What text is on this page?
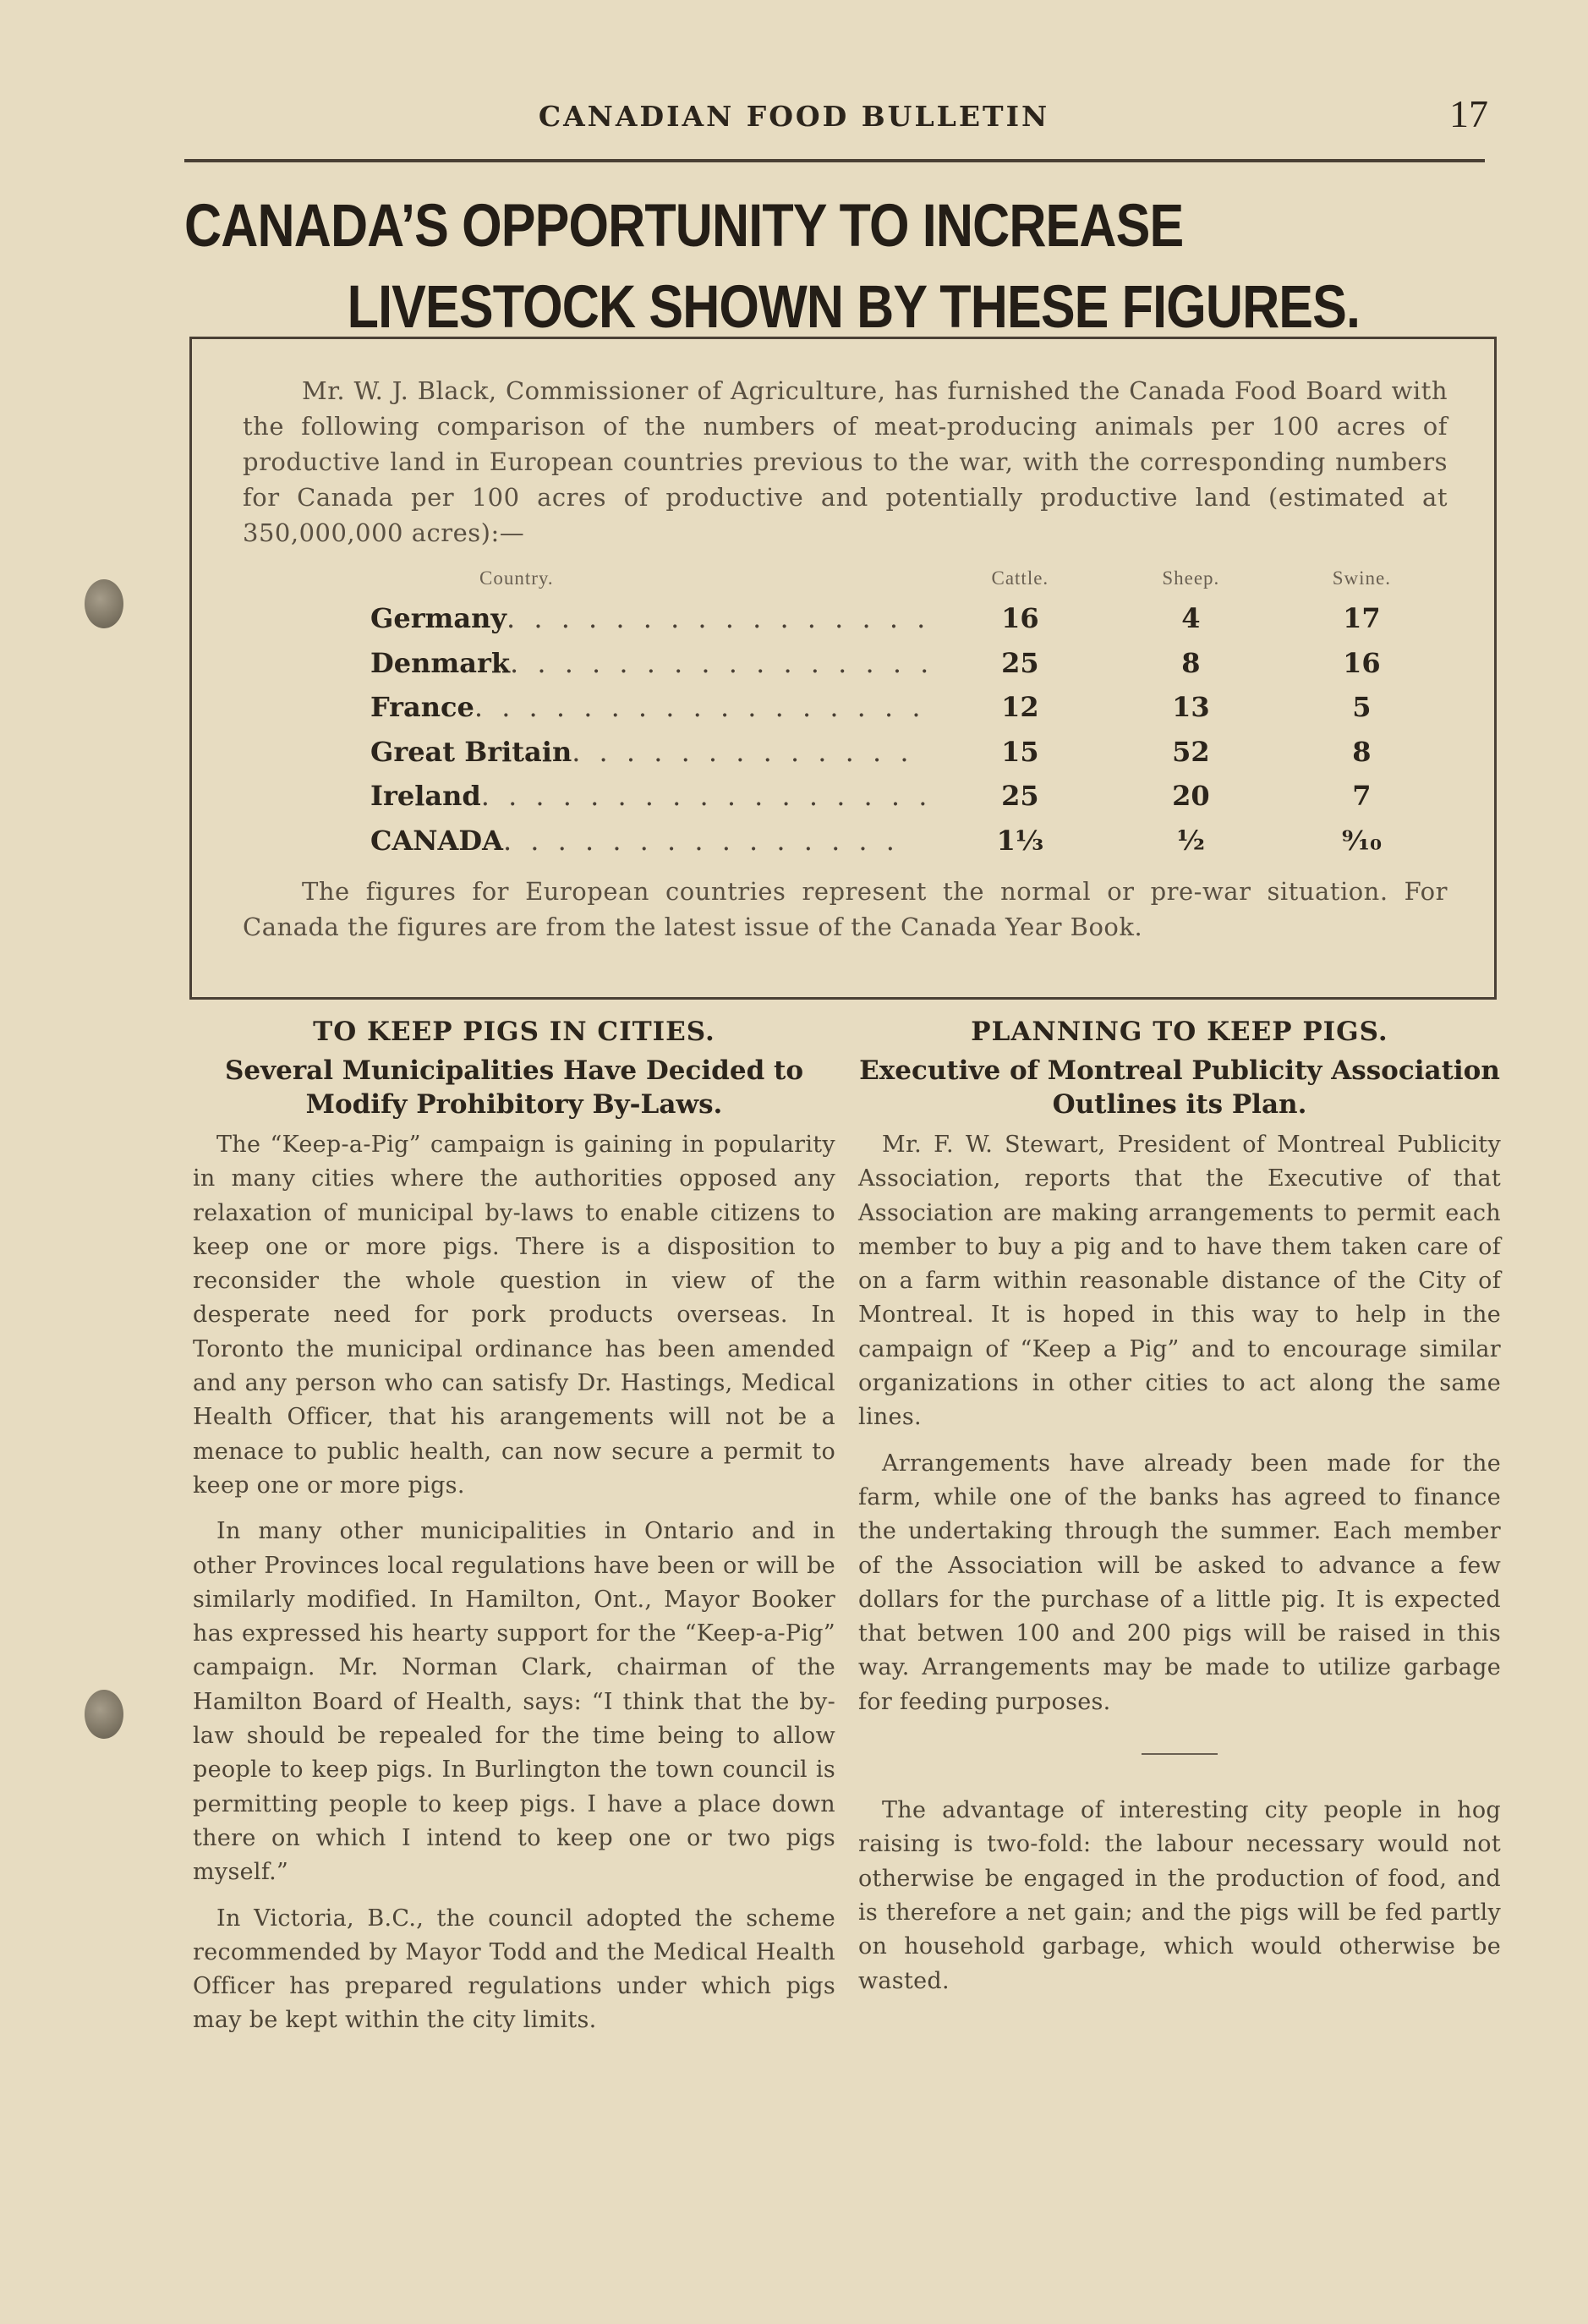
CANADIAN FOOD BULLETIN	17
CANADA’S OPPORTUNITY TO INCREASE
LIVESTOCK SHOWN BY THESE FIGURES.
Mr. W. J. Black, Commissioner of Agriculture, has furnished the Canada Food Board with the following comparison of the numbers of meat-producing animals per 100 acres of productive land in European countries previous to the war, with the corresponding numbers for Canada per 100 acres of productive and potentially productive land (estimated at 350,000,000 acres):—
Country.	Cattle.	Sheep.	Swine.
Germany. . . . . . . . . . . . . . . .	16	4	17
Denmark. . . . . . . . . . . . . . . .	25	8	16
France. . . . . . . . . . . . . . . . .	12	13	5
Great Britain. . . . . . . . . . . . .	15	52	8
Ireland. . . . . . . . . . . . . . . . .	25	20	7
CANADA. . . . . . . . . . . . . . .	1⅓	½	⁹⁄₁₀
The figures for European countries represent the normal or pre-war situation. For Canada the figures are from the latest issue of the Canada Year Book.
TO KEEP PIGS IN CITIES.
Several Municipalities Have Decided to Modify Prohibitory By-Laws.

The “Keep-a-Pig” campaign is gaining in popularity in many cities where the authorities opposed any relaxation of municipal by-laws to enable citizens to keep one or more pigs. There is a disposition to reconsider the whole question in view of the desperate need for pork products overseas. In Toronto the municipal ordinance has been amended and any person who can satisfy Dr. Hastings, Medical Health Officer, that his arangements will not be a menace to public health, can now secure a permit to keep one or more pigs.

In many other municipalities in Ontario and in other Provinces local regulations have been or will be similarly modified. In Hamilton, Ont., Mayor Booker has expressed his hearty support for the “Keep-a-Pig” campaign. Mr. Norman Clark, chairman of the Hamilton Board of Health, says: “I think that the by-law should be repealed for the time being to allow people to keep pigs. In Burlington the town council is permitting people to keep pigs. I have a place down there on which I intend to keep one or two pigs myself.”

In Victoria, B.C., the council adopted the scheme recommended by Mayor Todd and the Medical Health Officer has prepared regulations under which pigs may be kept within the city limits.

PLANNING TO KEEP PIGS.
Executive of Montreal Publicity Association Outlines its Plan.

Mr. F. W. Stewart, President of Montreal Publicity Association, reports that the Executive of that Association are making arrangements to permit each member to buy a pig and to have them taken care of on a farm within reasonable distance of the City of Montreal. It is hoped in this way to help in the campaign of “Keep a Pig” and to encourage similar organizations in other cities to act along the same lines.

Arrangements have already been made for the farm, while one of the banks has agreed to finance the undertaking through the summer. Each member of the Association will be asked to advance a few dollars for the purchase of a little pig. It is expected that betwen 100 and 200 pigs will be raised in this way. Arrangements may be made to utilize garbage for feeding purposes.

The advantage of interesting city people in hog raising is two-fold: the labour necessary would not otherwise be engaged in the production of food, and is therefore a net gain; and the pigs will be fed partly on household garbage, which would otherwise be wasted.
